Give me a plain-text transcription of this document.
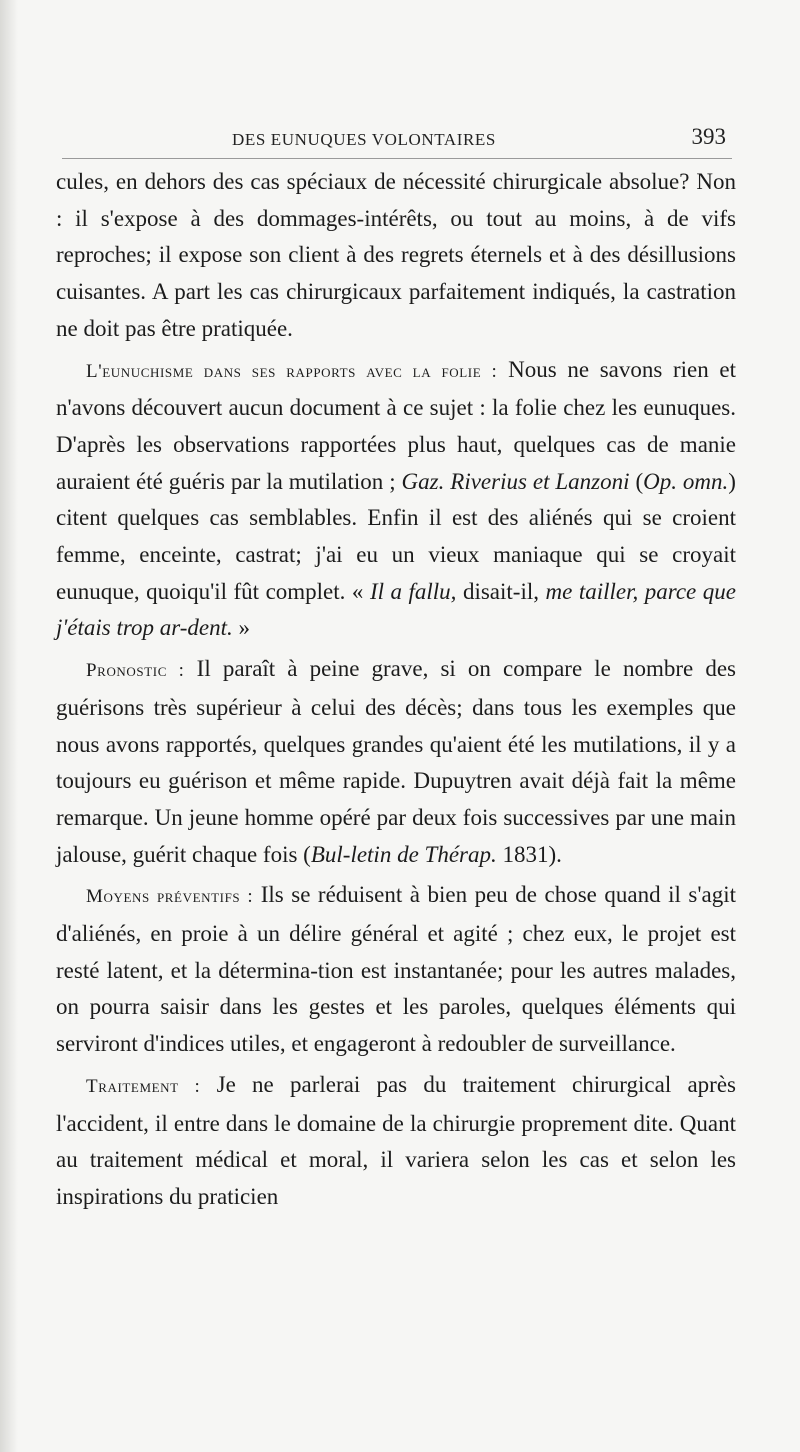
DES EUNUQUES VOLONTAIRES	393

cules, en dehors des cas spéciaux de nécessité chirurgicale absolue? Non : il s'expose à des dommages-intérêts, ou tout au moins, à de vifs reproches; il expose son client à des regrets éternels et à des désillusions cuisantes. A part les cas chirurgicaux parfaitement indiqués, la castration ne doit pas être pratiquée.

L'eunuchisme dans ses rapports avec la folie : Nous ne savons rien et n'avons découvert aucun document à ce sujet : la folie chez les eunuques. D'après les observations rapportées plus haut, quelques cas de manie auraient été guéris par la mutilation ; Gaz. Riverius et Lanzoni (Op. omn.) citent quelques cas semblables. Enfin il est des aliénés qui se croient femme, enceinte, castrat; j'ai eu un vieux maniaque qui se croyait eunuque, quoiqu'il fût complet. « Il a fallu, disait-il, me tailler, parce que j'étais trop ar-dent. »

Pronostic : Il paraît à peine grave, si on compare le nombre des guérisons très supérieur à celui des décès; dans tous les exemples que nous avons rapportés, quelques grandes qu'aient été les mutilations, il y a toujours eu guérison et même rapide. Dupuytren avait déjà fait la même remarque. Un jeune homme opéré par deux fois successives par une main jalouse, guérit chaque fois (Bul-letin de Thérap. 1831).

Moyens préventifs : Ils se réduisent à bien peu de chose quand il s'agit d'aliénés, en proie à un délire général et agité ; chez eux, le projet est resté latent, et la détermina-tion est instantanée; pour les autres malades, on pourra saisir dans les gestes et les paroles, quelques éléments qui serviront d'indices utiles, et engageront à redoubler de surveillance.

Traitement : Je ne parlerai pas du traitement chirurgical après l'accident, il entre dans le domaine de la chirurgie proprement dite. Quant au traitement médical et moral, il variera selon les cas et selon les inspirations du praticien
